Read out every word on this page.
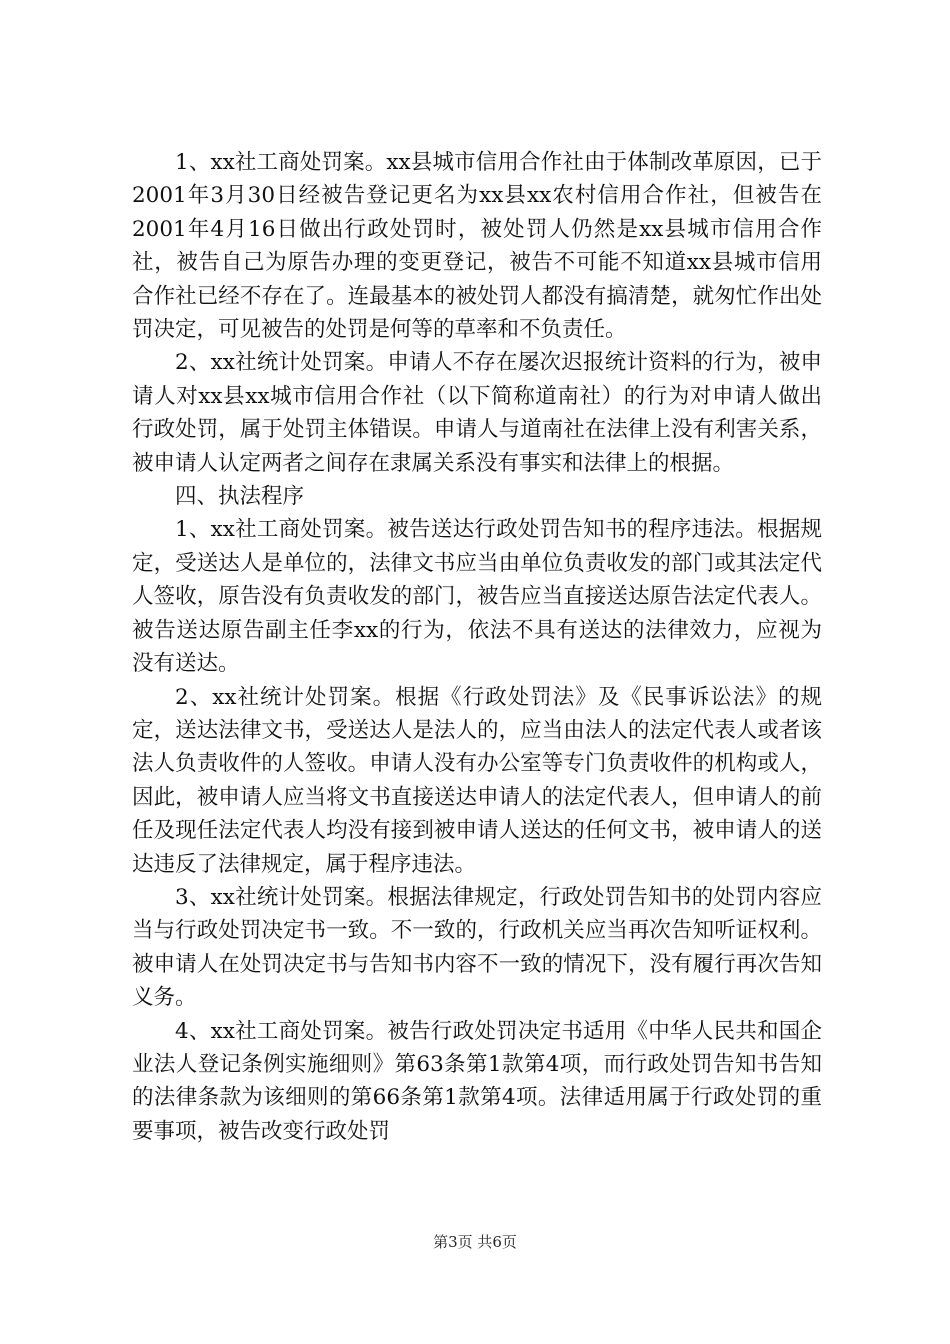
1、xx社工商处罚案。xx县城市信用合作社由于体制改革原因，已于2001年3月30日经被告登记更名为xx县xx农村信用合作社，但被告在2001年4月16日做出行政处罚时，被处罚人仍然是xx县城市信用合作社，被告自己为原告办理的变更登记，被告不可能不知道xx县城市信用合作社已经不存在了。连最基本的被处罚人都没有搞清楚，就匆忙作出处罚决定，可见被告的处罚是何等的草率和不负责任。

2、xx社统计处罚案。申请人不存在屡次迟报统计资料的行为，被申请人对xx县xx城市信用合作社（以下简称道南社）的行为对申请人做出行政处罚，属于处罚主体错误。申请人与道南社在法律上没有利害关系，被申请人认定两者之间存在隶属关系没有事实和法律上的根据。

四、执法程序

1、xx社工商处罚案。被告送达行政处罚告知书的程序违法。根据规定，受送达人是单位的，法律文书应当由单位负责收发的部门或其法定代人签收，原告没有负责收发的部门，被告应当直接送达原告法定代表人。被告送达原告副主任李xx的行为，依法不具有送达的法律效力，应视为没有送达。

2、xx社统计处罚案。根据《行政处罚法》及《民事诉讼法》的规定，送达法律文书，受送达人是法人的，应当由法人的法定代表人或者该法人负责收件的人签收。申请人没有办公室等专门负责收件的机构或人，因此，被申请人应当将文书直接送达申请人的法定代表人，但申请人的前任及现任法定代表人均没有接到被申请人送达的任何文书，被申请人的送达违反了法律规定，属于程序违法。

3、xx社统计处罚案。根据法律规定，行政处罚告知书的处罚内容应当与行政处罚决定书一致。不一致的，行政机关应当再次告知听证权利。被申请人在处罚决定书与告知书内容不一致的情况下，没有履行再次告知义务。

4、xx社工商处罚案。被告行政处罚决定书适用《中华人民共和国企业法人登记条例实施细则》第63条第1款第4项，而行政处罚告知书告知的法律条款为该细则的第66条第1款第4项。法律适用属于行政处罚的重要事项，被告改变行政处罚

第3页 共6页
